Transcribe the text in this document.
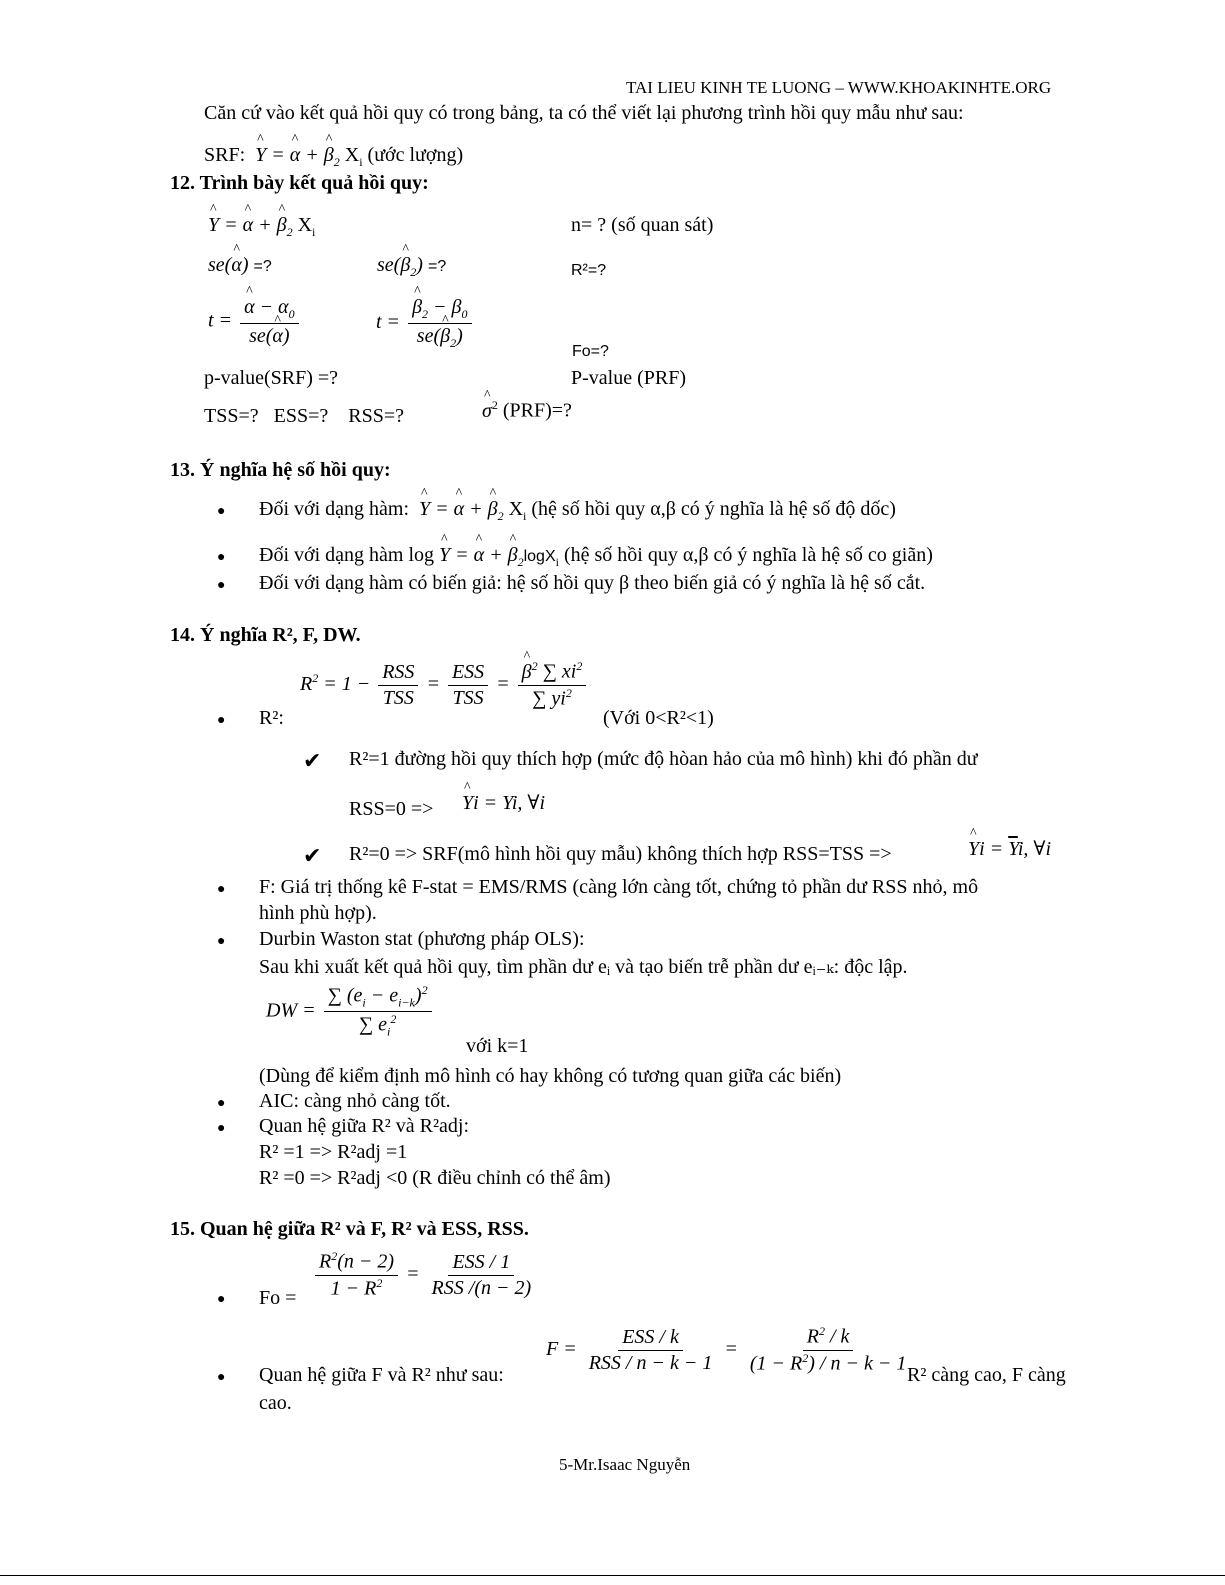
TAI LIEU KINH TE LUONG – WWW.KHOAKINHTE.ORG
Căn cứ vào kết quả hồi quy có trong bảng, ta có thể viết lại phương trình hồi quy mẫu như sau:
SRF: ^ Y = ^ α + ^ $\beta_2$ $X_i$ (ước lượng)
12. Trình bày kết quả hồi quy:
^ Y = ^ α + ^ $\beta_2$ $X_i$	n= ? (số quan sát)
se(^ α) =?	se(^ $\beta_2$) =?	R²=?
t = ^ $\frac{\alpha - \alpha_0}{se(\^{} \alpha)}$	t = ^ $\frac{\beta_2 - \beta_0}{se(\^{} \beta_2)}$
Fo=?
p-value(SRF) =?	P-value (PRF)
TSS=?   ESS=?    RSS=?	^ $\sigma^2$ (PRF)=?
13. Ý nghĩa hệ số hồi quy:
● Đối với dạng hàm: ^ Y = ^ α + ^ $\beta_2$ $X_i$ (hệ số hồi quy α,β có ý nghĩa là hệ số độ dốc)
● Đối với dạng hàm log ^ Y = ^ α + ^ $\beta_2\log X_i$ (hệ số hồi quy α,β có ý nghĩa là hệ số co giãn)
● Đối với dạng hàm có biến giả: hệ số hồi quy β theo biến giả có ý nghĩa là hệ số cắt.
14. Ý nghĩa R², F, DW.
● R²:
$R^2 = 1 - \frac{\text{RSS}}{\text{TSS}} = \frac{\text{ESS}}{\text{TSS}}$ = ^ $\frac{\beta^2 \sum xi^2}{\sum yi^2}$
(Với 0<R²<1)
✔ R²=1 đường hồi quy thích hợp (mức độ hòan hảo của mô hình) khi đó phần dư
RSS=0 => ^ Yi = Yi, ∀i
✔ R²=0 => SRF(mô hình hồi quy mẫu) không thích hợp RSS=TSS =>	^ $Yi = \overline{Y}i$, ∀i
● F: Giá trị thống kê F-stat = EMS/RMS (càng lớn càng tốt, chứng tỏ phần dư RSS nhỏ, mô
hình phù hợp).
● Durbin Waston stat (phương pháp OLS):
Sau khi xuất kết quả hồi quy, tìm phần dư eᵢ và tạo biến trễ phần dư eᵢ₋ₖ: độc lập.
DW = $\frac{\sum (e_i - e_{i-k})^2}{\sum e_i^2}$
với k=1
(Dùng để kiểm định mô hình có hay không có tương quan giữa các biến)
● AIC: càng nhỏ càng tốt.
● Quan hệ giữa R² và R²adj:
R² =1 => R²adj =1
R² =0 => R²adj <0 (R điều chỉnh có thể âm)
15. Quan hệ giữa R² và F, R² và ESS, RSS.
● $Fo = \frac{R^2(n - 2)}{1 - R^2} = \frac{\text{ESS / 1}}{\text{RSS /(n − 2)}}$
$F = \frac{\text{ESS / k}}{\text{RSS / n − k − 1}} = \frac{R^2 / k}{(1 - R^2) / n - k - 1}$
● Quan hệ giữa F và R² như sau:	R² càng cao, F càng
cao.
5-Mr.Isaac Nguyễn
